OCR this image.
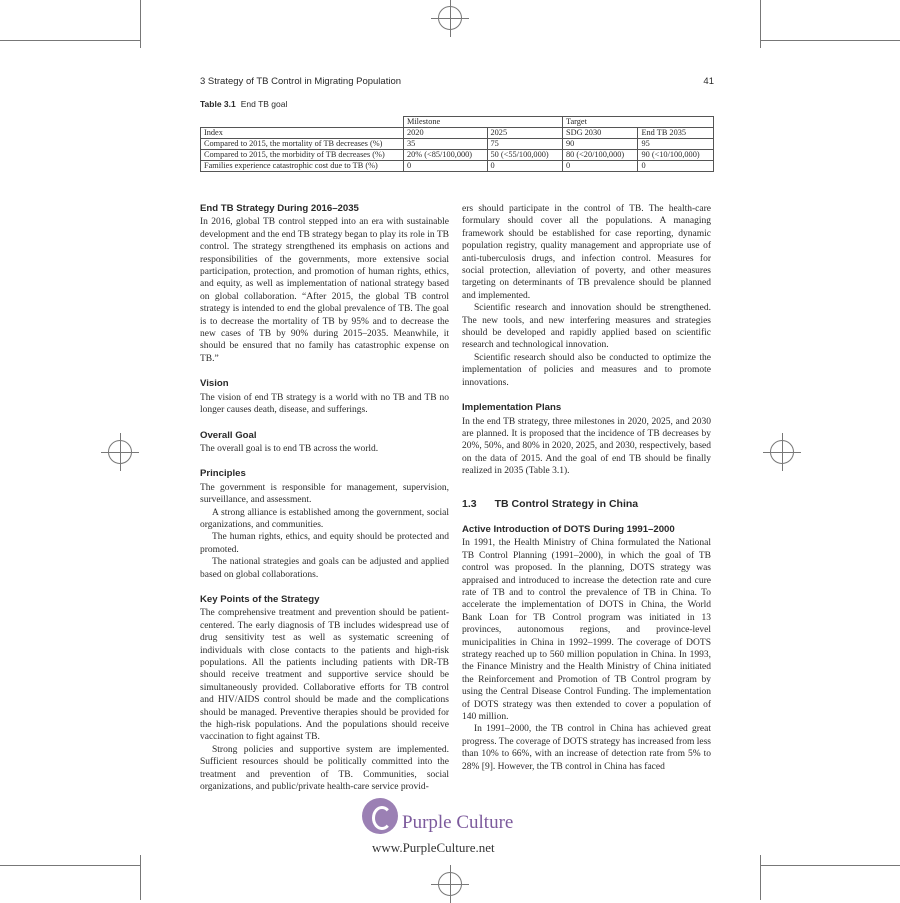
3 Strategy of TB Control in Migrating Population	41
Table 3.1 End TB goal
	Milestone		Target	
Index	2020	2025	SDG 2030	End TB 2035
Compared to 2015, the mortality of TB decreases (%)	35	75	90	95
Compared to 2015, the morbidity of TB decreases (%)	20% (<85/100,000)	50 (<55/100,000)	80 (<20/100,000)	90 (<10/100,000)
Families experience catastrophic cost due to TB (%)	0	0	0	0
End TB Strategy During 2016–2035

In 2016, global TB control stepped into an era with sustainable development and the end TB strategy began to play its role in TB control. The strategy strengthened its emphasis on actions and responsibilities of the governments, more extensive social participation, protection, and promotion of human rights, ethics, and equity, as well as implementation of national strategy based on global collaboration. “After 2015, the global TB control strategy is intended to end the global prevalence of TB. The goal is to decrease the mortality of TB by 95% and to decrease the new cases of TB by 90% during 2015–2035. Meanwhile, it should be ensured that no family has catastrophic expense on TB.”

Vision

The vision of end TB strategy is a world with no TB and TB no longer causes death, disease, and sufferings.

Overall Goal

The overall goal is to end TB across the world.

Principles

The government is responsible for management, supervision, surveillance, and assessment.

A strong alliance is established among the government, social organizations, and communities.

The human rights, ethics, and equity should be protected and promoted.

The national strategies and goals can be adjusted and applied based on global collaborations.

Key Points of the Strategy

The comprehensive treatment and prevention should be patient-centered. The early diagnosis of TB includes widespread use of drug sensitivity test as well as systematic screening of individuals with close contacts to the patients and high-risk populations. All the patients including patients with DR-TB should receive treatment and supportive service should be simultaneously provided. Collaborative efforts for TB control and HIV/AIDS control should be made and the complications should be managed. Preventive therapies should be provided for the high-risk populations. And the populations should receive vaccination to fight against TB.

Strong policies and supportive system are implemented. Sufficient resources should be politically committed into the treatment and prevention of TB. Communities, social organizations, and public/private health-care service provid-

ers should participate in the control of TB. The health-care formulary should cover all the populations. A managing framework should be established for case reporting, dynamic population registry, quality management and appropriate use of anti-tuberculosis drugs, and infection control. Measures for social protection, alleviation of poverty, and other measures targeting on determinants of TB prevalence should be planned and implemented.

Scientific research and innovation should be strengthened. The new tools, and new interfering measures and strategies should be developed and rapidly applied based on scientific research and technological innovation.

Scientific research should also be conducted to optimize the implementation of policies and measures and to promote innovations.

Implementation Plans

In the end TB strategy, three milestones in 2020, 2025, and 2030 are planned. It is proposed that the incidence of TB decreases by 20%, 50%, and 80% in 2020, 2025, and 2030, respectively, based on the data of 2015. And the goal of end TB should be finally realized in 2035 (Table 3.1).

1.3 TB Control Strategy in China
Active Introduction of DOTS During 1991–2000

In 1991, the Health Ministry of China formulated the National TB Control Planning (1991–2000), in which the goal of TB control was proposed. In the planning, DOTS strategy was appraised and introduced to increase the detection rate and cure rate of TB and to control the prevalence of TB in China. To accelerate the implementation of DOTS in China, the World Bank Loan for TB Control program was initiated in 13 provinces, autonomous regions, and province-level municipalities in China in 1992–1999. The coverage of DOTS strategy reached up to 560 million population in China. In 1993, the Finance Ministry and the Health Ministry of China initiated the Reinforcement and Promotion of TB Control program by using the Central Disease Control Funding. The implementation of DOTS strategy was then extended to cover a population of 140 million.

In 1991–2000, the TB control in China has achieved great progress. The coverage of DOTS strategy has increased from less than 10% to 66%, with an increase of detection rate from 5% to 28% [9]. However, the TB control in China has faced

Purple Culture
www.PurpleCulture.net
